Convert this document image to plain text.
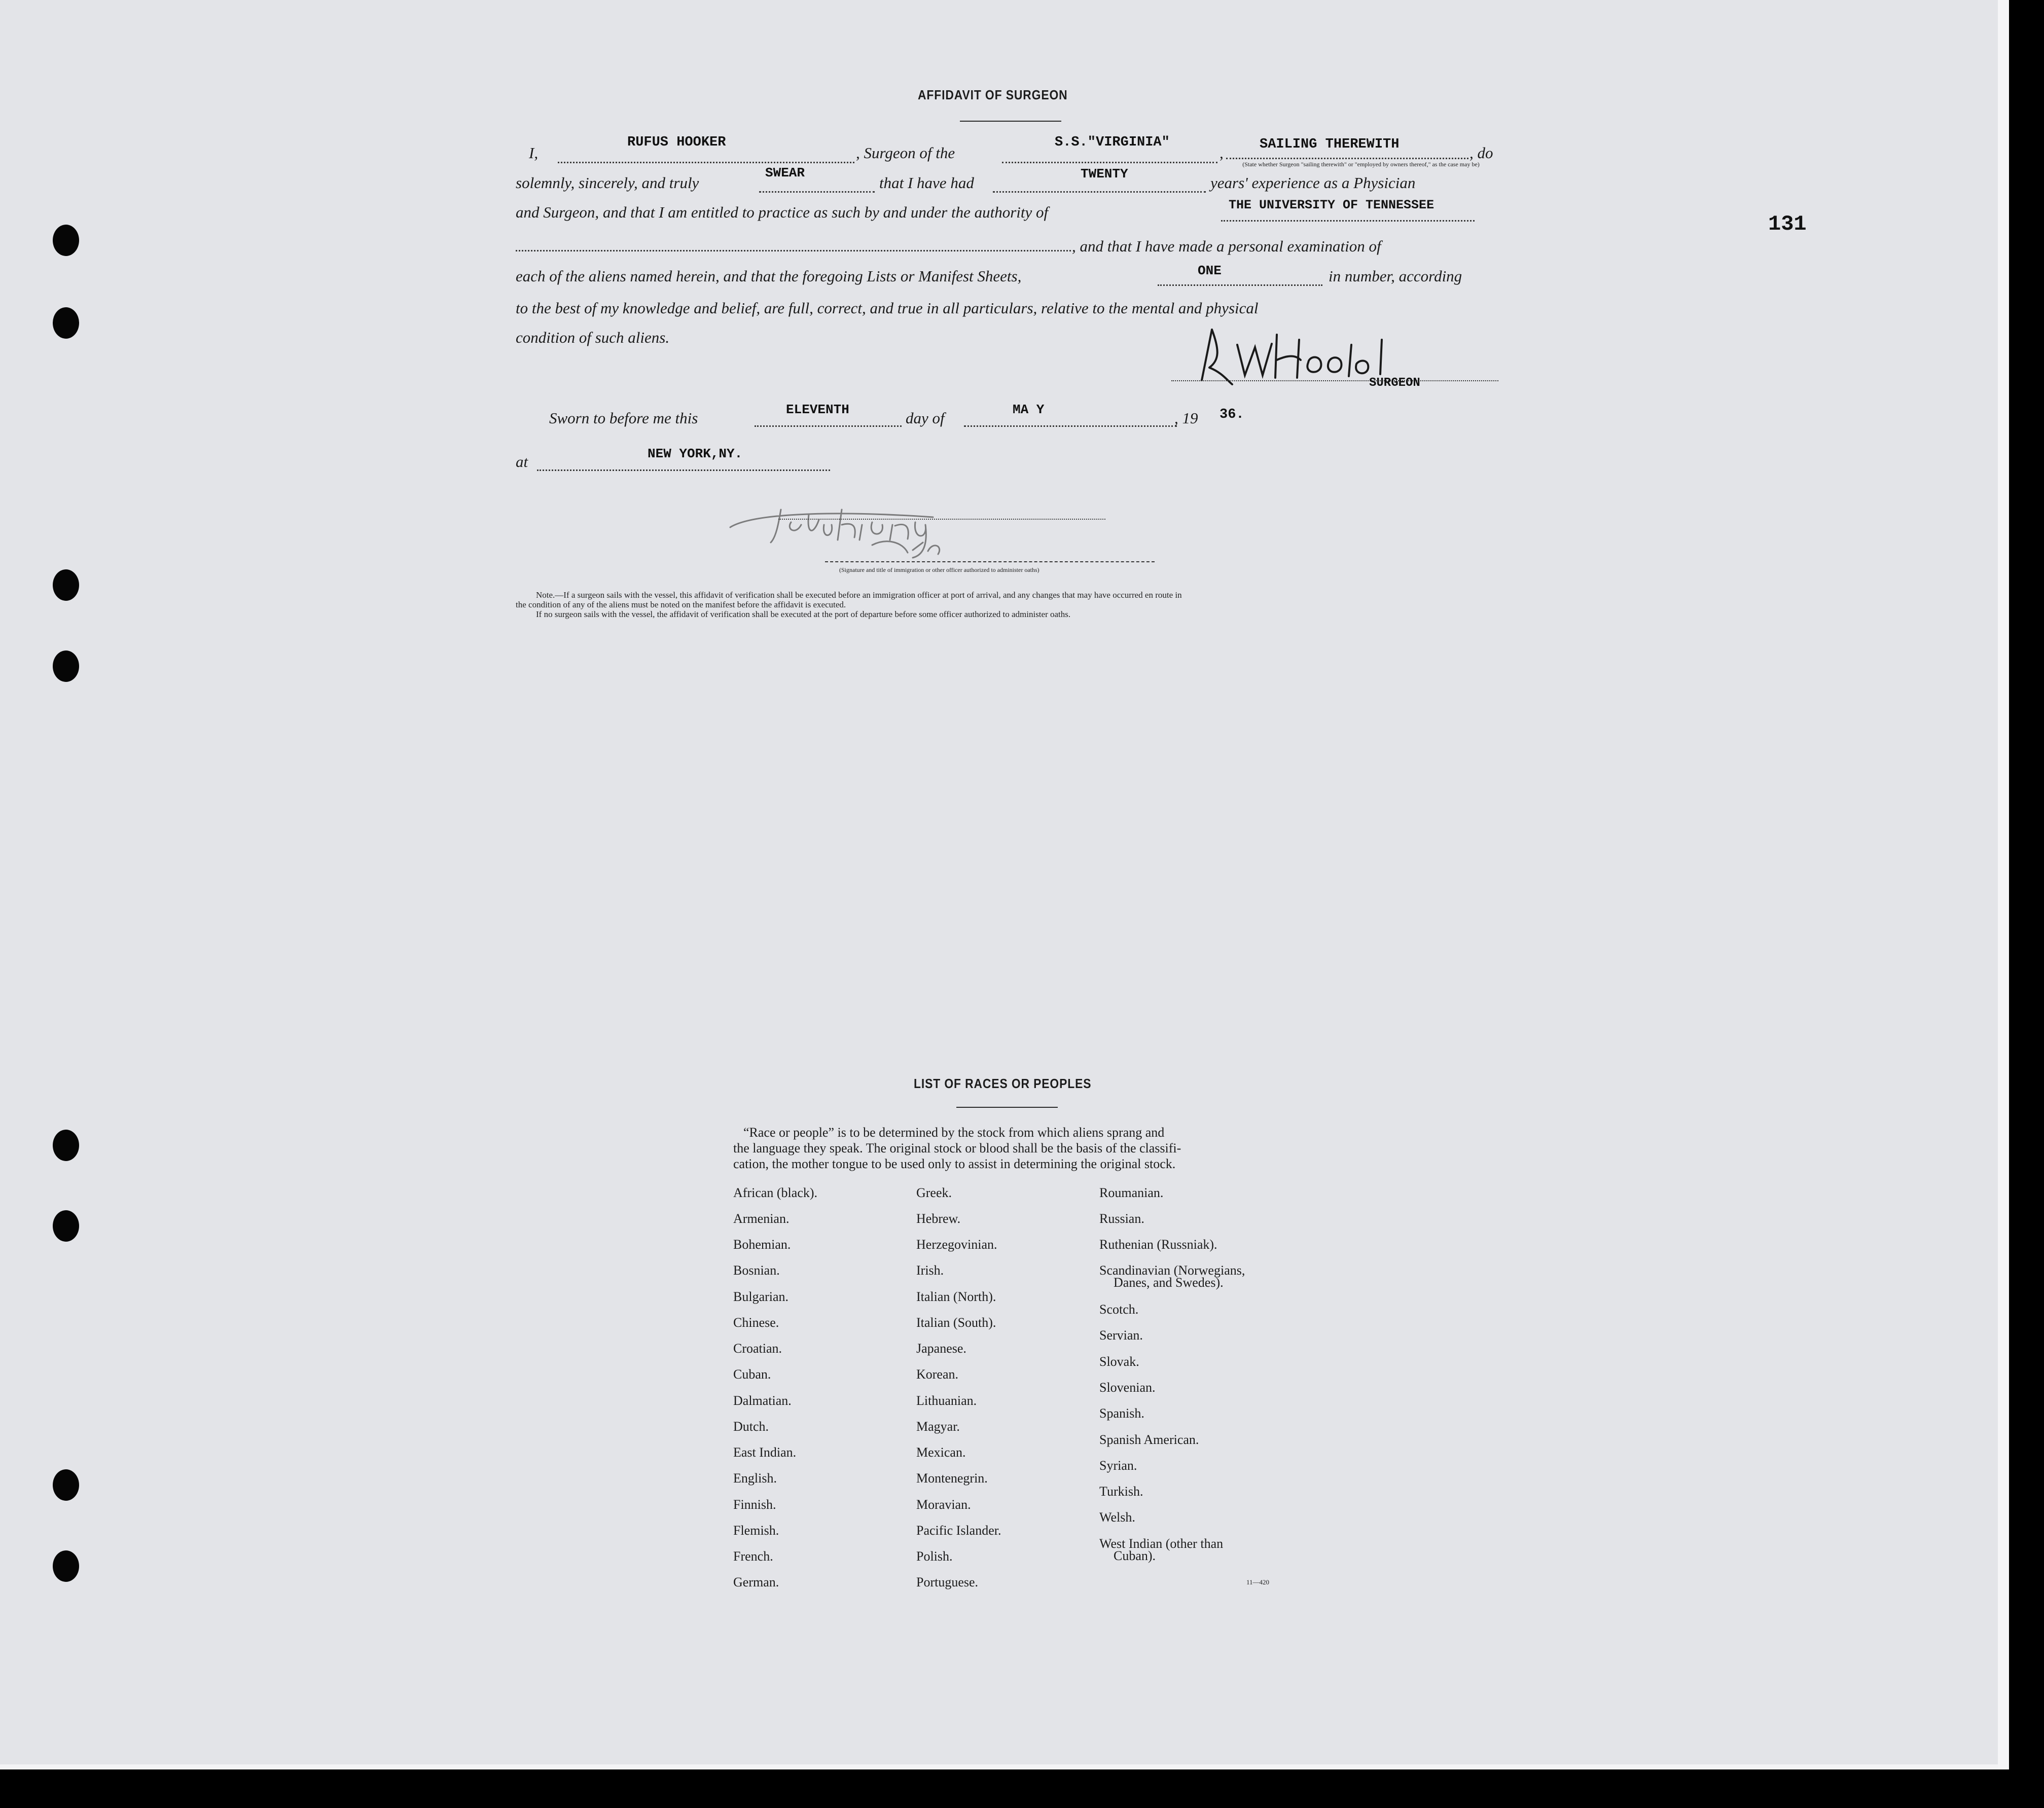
131
AFFIDAVIT OF SURGEON
I,
RUFUS HOOKER
, Surgeon of the
S.S."VIRGINIA"
,	SAILING THEREWITH	, do
(State whether Surgeon "sailing therewith" or "employed by owners thereof," as the case may be)
solemnly, sincerely, and truly
SWEAR
that I have had	TWENTY	years' experience as a Physician
and Surgeon, and that I am entitled to practice as such by and under the authority of	THE UNIVERSITY OF TENNESSEE
, and that I have made a personal examination of
each of the aliens named herein, and that the foregoing Lists or Manifest Sheets,	ONE	in number, according
to the best of my knowledge and belief, are full, correct, and true in all particulars, relative to the mental and physical
condition of such aliens.
SURGEON
Sworn to before me this	ELEVENTH	day of	MA Y	, 19 36.
at	NEW YORK,NY.
(Signature and title of immigration or other officer authorized to administer oaths)
Note.—If a surgeon sails with the vessel, this affidavit of verification shall be executed before an immigration officer at port of arrival, and any changes that may have occurred en route in
the condition of any of the aliens must be noted on the manifest before the affidavit is executed.
If no surgeon sails with the vessel, the affidavit of verification shall be executed at the port of departure before some officer authorized to administer oaths.
LIST OF RACES OR PEOPLES
“Race or people” is to be determined by the stock from which aliens sprang and
the language they speak. The original stock or blood shall be the basis of the classifi-
cation, the mother tongue to be used only to assist in determining the original stock.
African (black).
Armenian.
Bohemian.
Bosnian.
Bulgarian.
Chinese.
Croatian.
Cuban.
Dalmatian.
Dutch.
East Indian.
English.
Finnish.
Flemish.
French.
German.
Greek.
Hebrew.
Herzegovinian.
Irish.
Italian (North).
Italian (South).
Japanese.
Korean.
Lithuanian.
Magyar.
Mexican.
Montenegrin.
Moravian.
Pacific Islander.
Polish.
Portuguese.
Roumanian.
Russian.
Ruthenian (Russniak).
Scandinavian (Norwegians,
Danes, and Swedes).
Scotch.
Servian.
Slovak.
Slovenian.
Spanish.
Spanish American.
Syrian.
Turkish.
Welsh.
West Indian (other than
Cuban).
11—420
